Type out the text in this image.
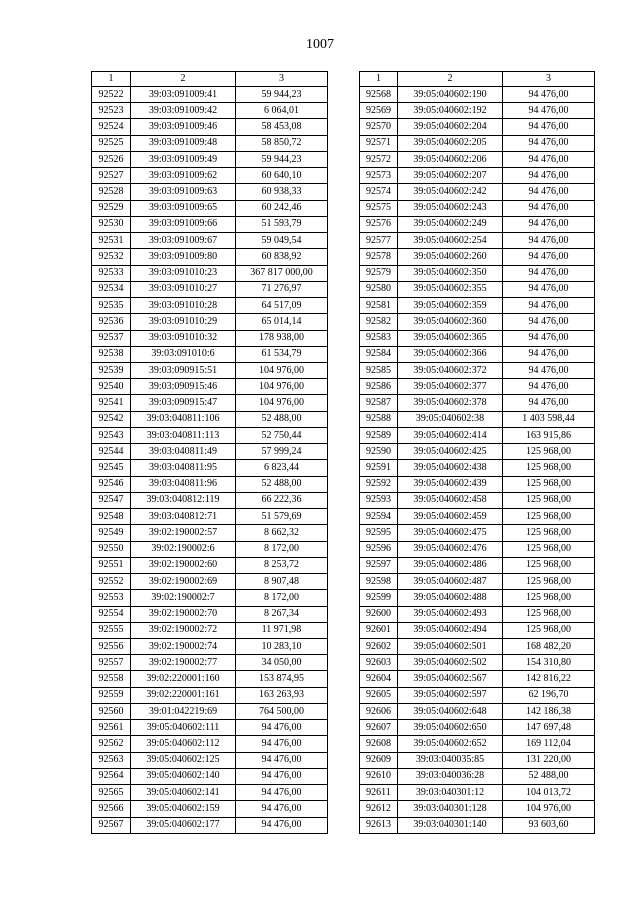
1007
1	2	3
92522	39:03:091009:41	59 944,23
92523	39:03:091009:42	6 064,01
92524	39:03:091009:46	58 453,08
92525	39:03:091009:48	58 850,72
92526	39:03:091009:49	59 944,23
92527	39:03:091009:62	60 640,10
92528	39:03:091009:63	60 938,33
92529	39:03:091009:65	60 242,46
92530	39:03:091009:66	51 593,79
92531	39:03:091009:67	59 049,54
92532	39:03:091009:80	60 838,92
92533	39:03:091010:23	367 817 000,00
92534	39:03:091010:27	71 276,97
92535	39:03:091010:28	64 517,09
92536	39:03:091010:29	65 014,14
92537	39:03:091010:32	178 938,00
92538	39:03:091010:6	61 534,79
92539	39:03:090915:51	104 976,00
92540	39:03:090915:46	104 976,00
92541	39:03:090915:47	104 976,00
92542	39:03:040811:106	52 488,00
92543	39:03:040811:113	52 750,44
92544	39:03:040811:49	57 999,24
92545	39:03:040811:95	6 823,44
92546	39:03:040811:96	52 488,00
92547	39:03:040812:119	66 222,36
92548	39:03:040812:71	51 579,69
92549	39:02:190002:57	8 662,32
92550	39:02:190002:6	8 172,00
92551	39:02:190002:60	8 253,72
92552	39:02:190002:69	8 907,48
92553	39:02:190002:7	8 172,00
92554	39:02:190002:70	8 267,34
92555	39:02:190002:72	11 971,98
92556	39:02:190002:74	10 283,10
92557	39:02:190002:77	34 050,00
92558	39:02:220001:160	153 874,95
92559	39:02:220001:161	163 263,93
92560	39:01:042219:69	764 500,00
92561	39:05:040602:111	94 476,00
92562	39:05:040602:112	94 476,00
92563	39:05:040602:125	94 476,00
92564	39:05:040602:140	94 476,00
92565	39:05:040602:141	94 476,00
92566	39:05:040602:159	94 476,00
92567	39:05:040602:177	94 476,00
1	2	3
92568	39:05:040602:190	94 476,00
92569	39:05:040602:192	94 476,00
92570	39:05:040602:204	94 476,00
92571	39:05:040602:205	94 476,00
92572	39:05:040602:206	94 476,00
92573	39:05:040602:207	94 476,00
92574	39:05:040602:242	94 476,00
92575	39:05:040602:243	94 476,00
92576	39:05:040602:249	94 476,00
92577	39:05:040602:254	94 476,00
92578	39:05:040602:260	94 476,00
92579	39:05:040602:350	94 476,00
92580	39:05:040602:355	94 476,00
92581	39:05:040602:359	94 476,00
92582	39:05:040602:360	94 476,00
92583	39:05:040602:365	94 476,00
92584	39:05:040602:366	94 476,00
92585	39:05:040602:372	94 476,00
92586	39:05:040602:377	94 476,00
92587	39:05:040602:378	94 476,00
92588	39:05:040602:38	1 403 598,44
92589	39:05:040602:414	163 915,86
92590	39:05:040602:425	125 968,00
92591	39:05:040602:438	125 968,00
92592	39:05:040602:439	125 968,00
92593	39:05:040602:458	125 968,00
92594	39:05:040602:459	125 968,00
92595	39:05:040602:475	125 968,00
92596	39:05:040602:476	125 968,00
92597	39:05:040602:486	125 968,00
92598	39:05:040602:487	125 968,00
92599	39:05:040602:488	125 968,00
92600	39:05:040602:493	125 968,00
92601	39:05:040602:494	125 968,00
92602	39:05:040602:501	168 482,20
92603	39:05:040602:502	154 310,80
92604	39:05:040602:567	142 816,22
92605	39:05:040602:597	62 196,70
92606	39:05:040602:648	142 186,38
92607	39:05:040602:650	147 697,48
92608	39:05:040602:652	169 112,04
92609	39:03:040035:85	131 220,00
92610	39:03:040036:28	52 488,00
92611	39:03:040301:12	104 013,72
92612	39:03:040301:128	104 976,00
92613	39:03:040301:140	93 603,60
